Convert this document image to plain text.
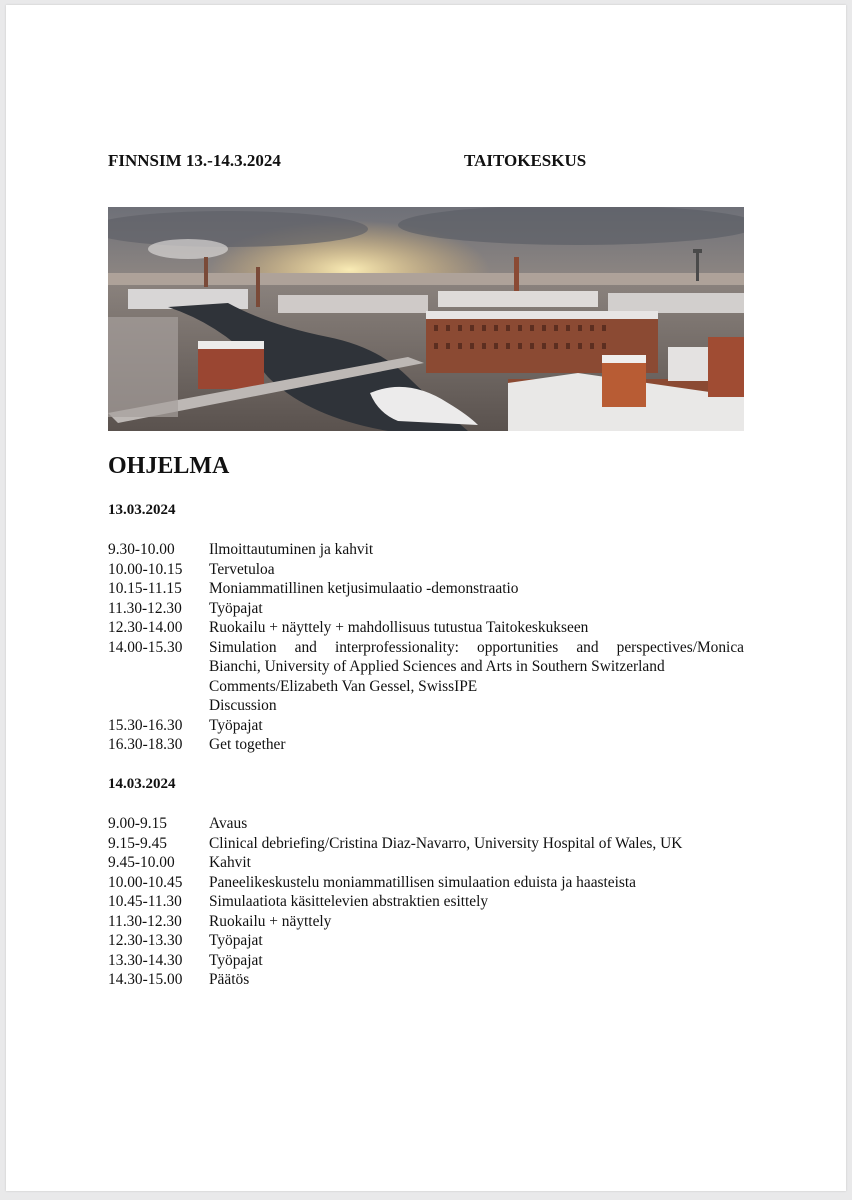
FINNSIM 13.-14.3.2024	TAITOKESKUS
OHJELMA
13.03.2024
9.30-10.00	Ilmoittautuminen ja kahvit
10.00-10.15	Tervetuloa
10.15-11.15	Moniammatillinen ketjusimulaatio -demonstraatio
11.30-12.30	Työpajat
12.30-14.00	Ruokailu + näyttely + mahdollisuus tutustua Taitokeskukseen
14.00-15.30	Simulation and interprofessionality: opportunities and perspectives/Monica
Bianchi, University of Applied Sciences and Arts in Southern Switzerland
Comments/Elizabeth Van Gessel, SwissIPE
Discussion
15.30-16.30	Työpajat
16.30-18.30	Get together
14.03.2024
9.00-9.15	Avaus
9.15-9.45	Clinical debriefing/Cristina Diaz-Navarro, University Hospital of Wales, UK
9.45-10.00	Kahvit
10.00-10.45	Paneelikeskustelu moniammatillisen simulaation eduista ja haasteista
10.45-11.30	Simulaatiota käsittelevien abstraktien esittely
11.30-12.30	Ruokailu + näyttely
12.30-13.30	Työpajat
13.30-14.30	Työpajat
14.30-15.00	Päätös
